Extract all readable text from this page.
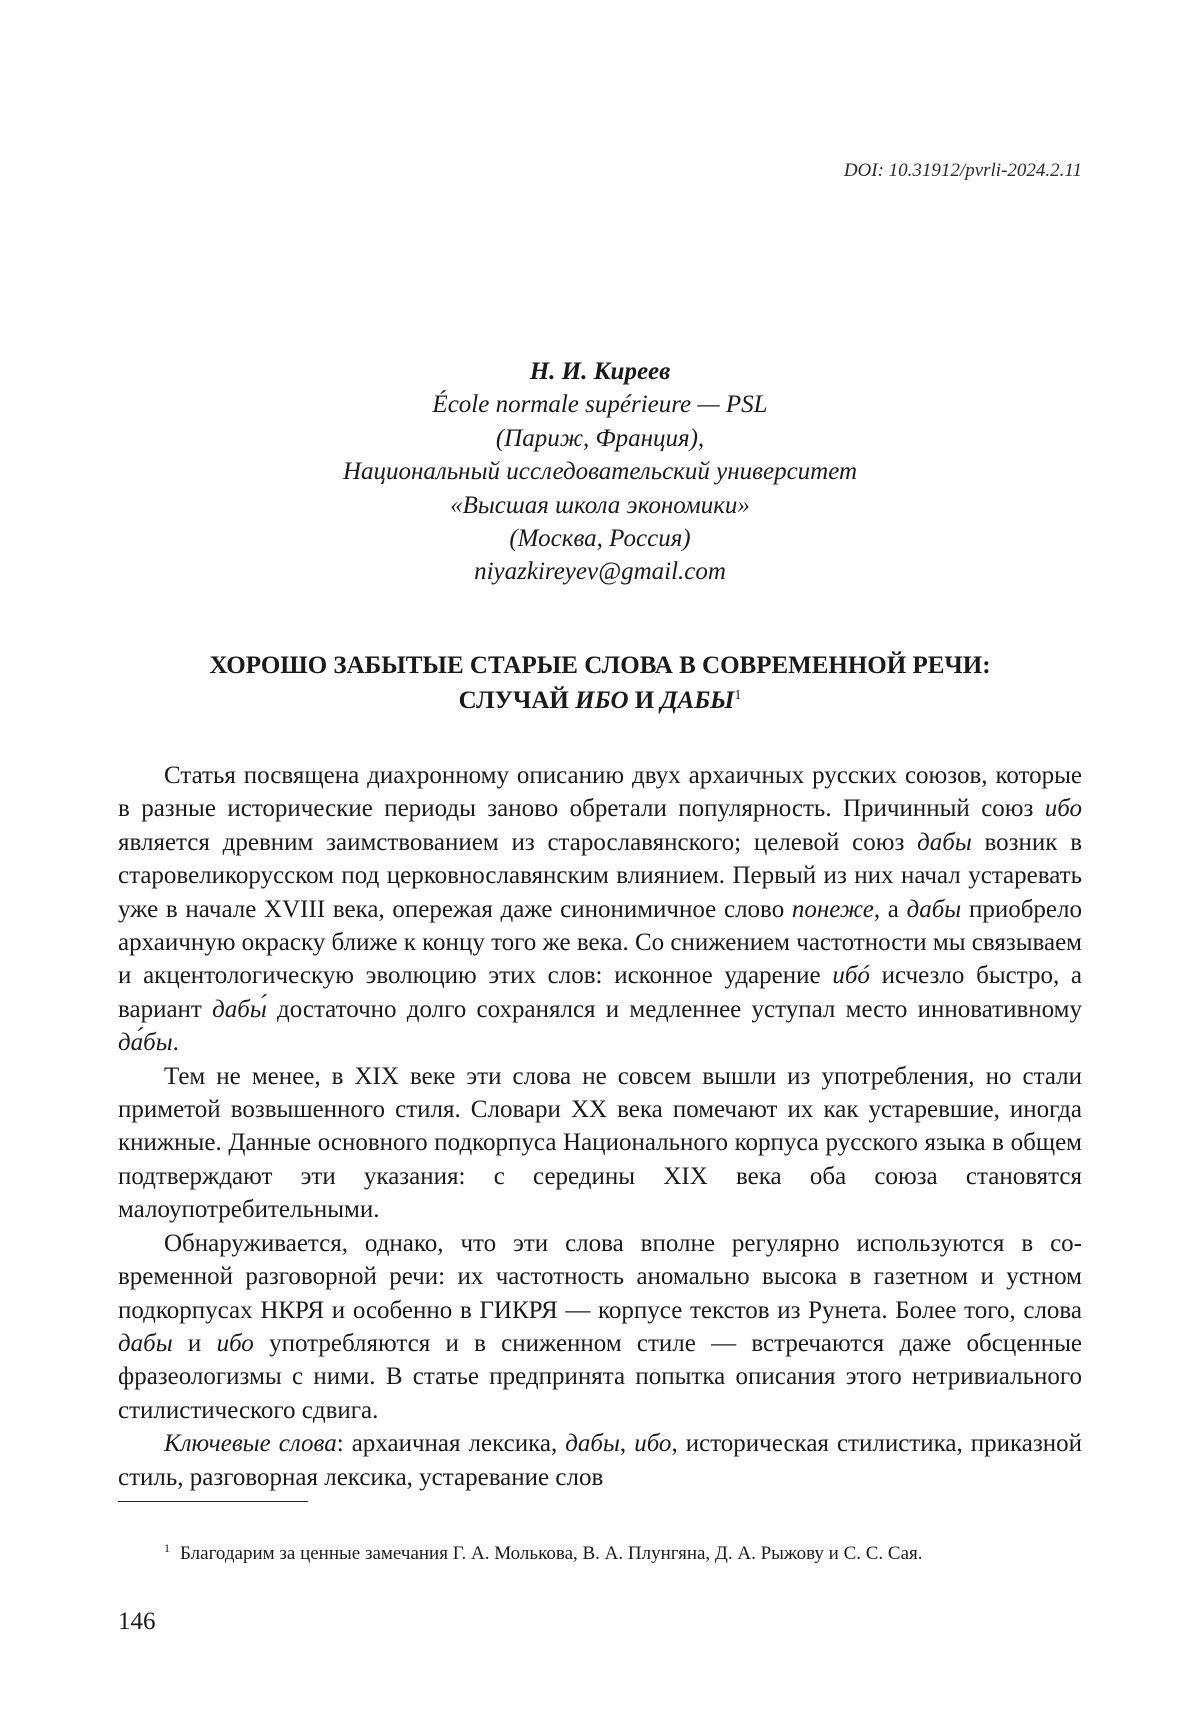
DOI: 10.31912/pvrli-2024.2.11
Н. И. Киреев
École normale supérieure — PSL
(Париж, Франция),
Национальный исследовательский университет
«Высшая школа экономики»
(Москва, Россия)
niyazkireyev@gmail.com
ХОРОШО ЗАБЫТЫЕ СТАРЫЕ СЛОВА В СОВРЕМЕННОЙ РЕЧИ:
СЛУЧАЙ ИБО И ДАБЫ$^1$

Статья посвящена диахронному описанию двух архаичных русских союзов, которые в разные исторические периоды заново обретали популярность. Причинный союз ибо является древним заимствованием из старославянского; целевой союз дабы возник в старовеликорусском под церковнославянским влиянием. Первый из них начал устаревать уже в начале XVIII века, опережая даже синонимичное слово понеже, а дабы приобрело архаичную окраску ближе к концу того же века. Со снижением частотности мы связываем и акцентологическую эволюцию этих слов: исконное ударение ибó исчезло быстро, а вариант дабы́ достаточно долго сохранялся и медленнее уступал место инновативному да́бы.

Тем не менее, в XIX веке эти слова не совсем вышли из употребления, но стали приметой возвышенного стиля. Словари XX века помечают их как устаревшие, иногда книжные. Данные основного подкорпуса Национального корпуса русского языка в общем подтверждают эти указания: с середины XIX века оба союза становятся малоупотребительными.

Обнаруживается, однако, что эти слова вполне регулярно используются в современной разговорной речи: их частотность аномально высока в газетном и устном подкорпусах НКРЯ и особенно в ГИКРЯ — корпусе текстов из Рунета. Более того, слова дабы и ибо употребляются и в сниженном стиле — встречаются даже обсценные фразеологизмы с ними. В статье предпринята попытка описания этого нетривиального стилистического сдвига.

Ключевые слова: архаичная лексика, дабы, ибо, историческая стилистика, приказной стиль, разговорная лексика, устаревание слов

$^1$ Благодарим за ценные замечания Г. А. Молькова, В. А. Плунгяна, Д. А. Рыжову и С. С. Сая.
146
